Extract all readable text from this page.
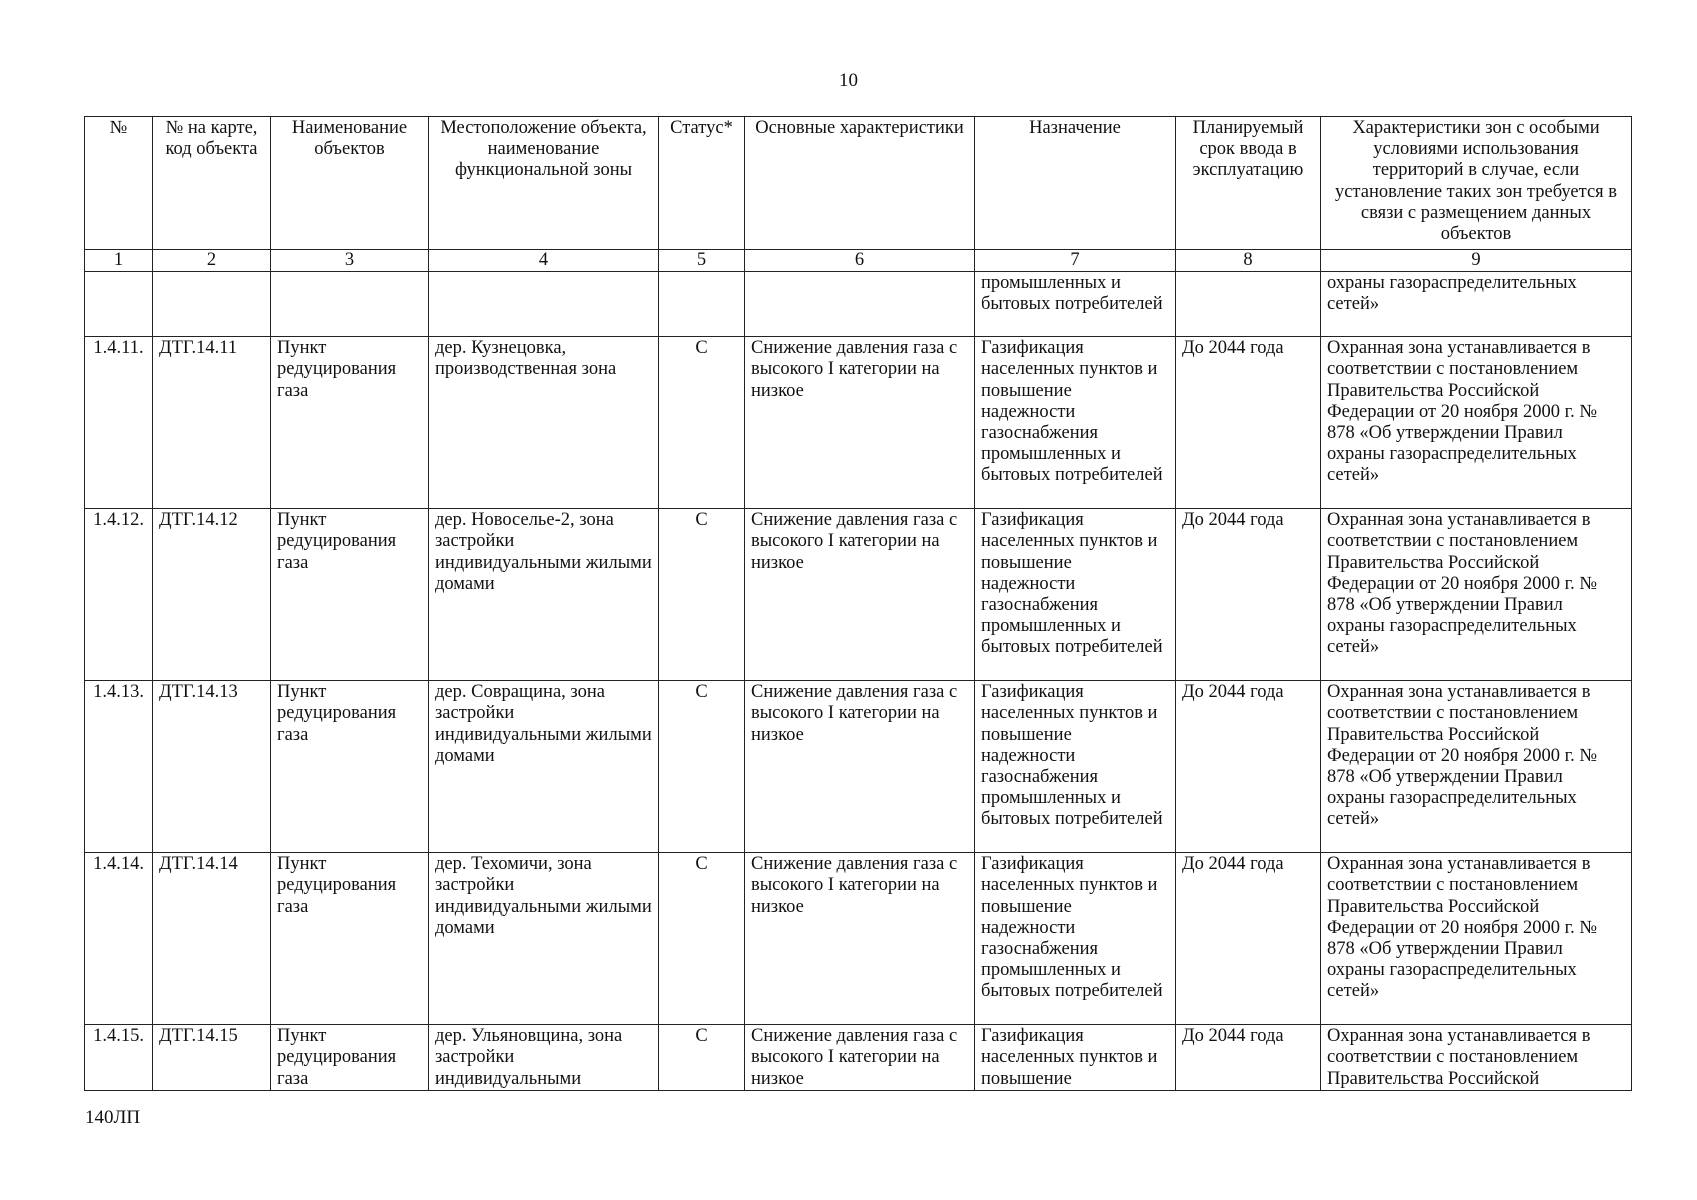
10
№	№ на карте, код объекта	Наименование объектов	Местоположение объекта, наименование функциональной зоны	Статус*	Основные характеристики	Назначение	Планируемый срок ввода в эксплуатацию	Характеристики зон с особыми условиями использования территорий в случае, если установление таких зон требуется в связи с размещением данных объектов
1	2	3	4	5	6	7	8	9
						промышленных и бытовых потребителей		охраны газораспределительных сетей»
1.4.11.	ДТГ.14.11	Пункт редуцирования газа	дер. Кузнецовка, производственная зона	С	Снижение давления газа с высокого I категории на низкое	Газификация населенных пунктов и повышение надежности газоснабжения промышленных и бытовых потребителей	До 2044 года	Охранная зона устанавливается в соответствии с постановлением Правительства Российской Федерации от 20 ноября 2000 г. № 878 «Об утверждении Правил охраны газораспределительных сетей»
1.4.12.	ДТГ.14.12	Пункт редуцирования газа	дер. Новоселье-2, зона застройки индивидуальными жилыми домами	С	Снижение давления газа с высокого I категории на низкое	Газификация населенных пунктов и повышение надежности газоснабжения промышленных и бытовых потребителей	До 2044 года	Охранная зона устанавливается в соответствии с постановлением Правительства Российской Федерации от 20 ноября 2000 г. № 878 «Об утверждении Правил охраны газораспределительных сетей»
1.4.13.	ДТГ.14.13	Пункт редуцирования газа	дер. Совращина, зона застройки индивидуальными жилыми домами	С	Снижение давления газа с высокого I категории на низкое	Газификация населенных пунктов и повышение надежности газоснабжения промышленных и бытовых потребителей	До 2044 года	Охранная зона устанавливается в соответствии с постановлением Правительства Российской Федерации от 20 ноября 2000 г. № 878 «Об утверждении Правил охраны газораспределительных сетей»
1.4.14.	ДТГ.14.14	Пункт редуцирования газа	дер. Техомичи, зона застройки индивидуальными жилыми домами	С	Снижение давления газа с высокого I категории на низкое	Газификация населенных пунктов и повышение надежности газоснабжения промышленных и бытовых потребителей	До 2044 года	Охранная зона устанавливается в соответствии с постановлением Правительства Российской Федерации от 20 ноября 2000 г. № 878 «Об утверждении Правил охраны газораспределительных сетей»
1.4.15.	ДТГ.14.15	Пункт редуцирования газа	дер. Ульяновщина, зона застройки индивидуальными	С	Снижение давления газа с высокого I категории на низкое	Газификация населенных пунктов и повышение	До 2044 года	Охранная зона устанавливается в соответствии с постановлением Правительства Российской
140ЛП
